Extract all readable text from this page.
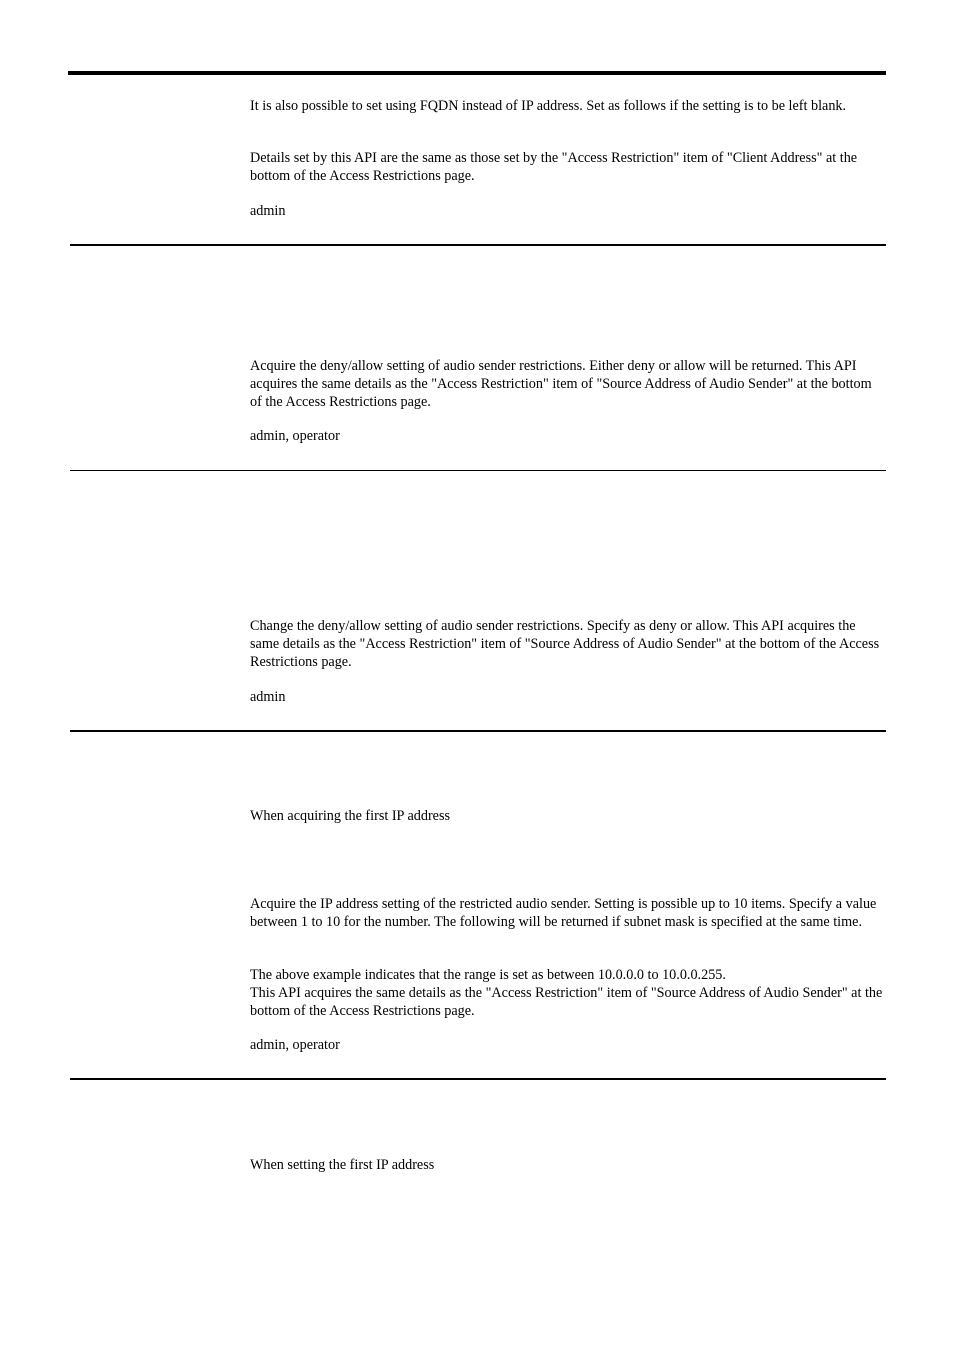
It is also possible to set using FQDN instead of IP address. Set as follows if the setting is to be left blank.

Details set by this API are the same as those set by the "Access Restriction" item of "Client Address" at the bottom of the Access Restrictions page.

admin

Acquire the deny/allow setting of audio sender restrictions. Either deny or allow will be returned. This API acquires the same details as the "Access Restriction" item of "Source Address of Audio Sender" at the bottom of the Access Restrictions page.

admin, operator

Change the deny/allow setting of audio sender restrictions. Specify as deny or allow. This API acquires the same details as the "Access Restriction" item of "Source Address of Audio Sender" at the bottom of the Access Restrictions page.

admin

When acquiring the first IP address

Acquire the IP address setting of the restricted audio sender. Setting is possible up to 10 items. Specify a value between 1 to 10 for the number. The following will be returned if subnet mask is specified at the same time.

The above example indicates that the range is set as between 10.0.0.0 to 10.0.0.255.

This API acquires the same details as the "Access Restriction" item of "Source Address of Audio Sender" at the bottom of the Access Restrictions page.

admin, operator

When setting the first IP address
